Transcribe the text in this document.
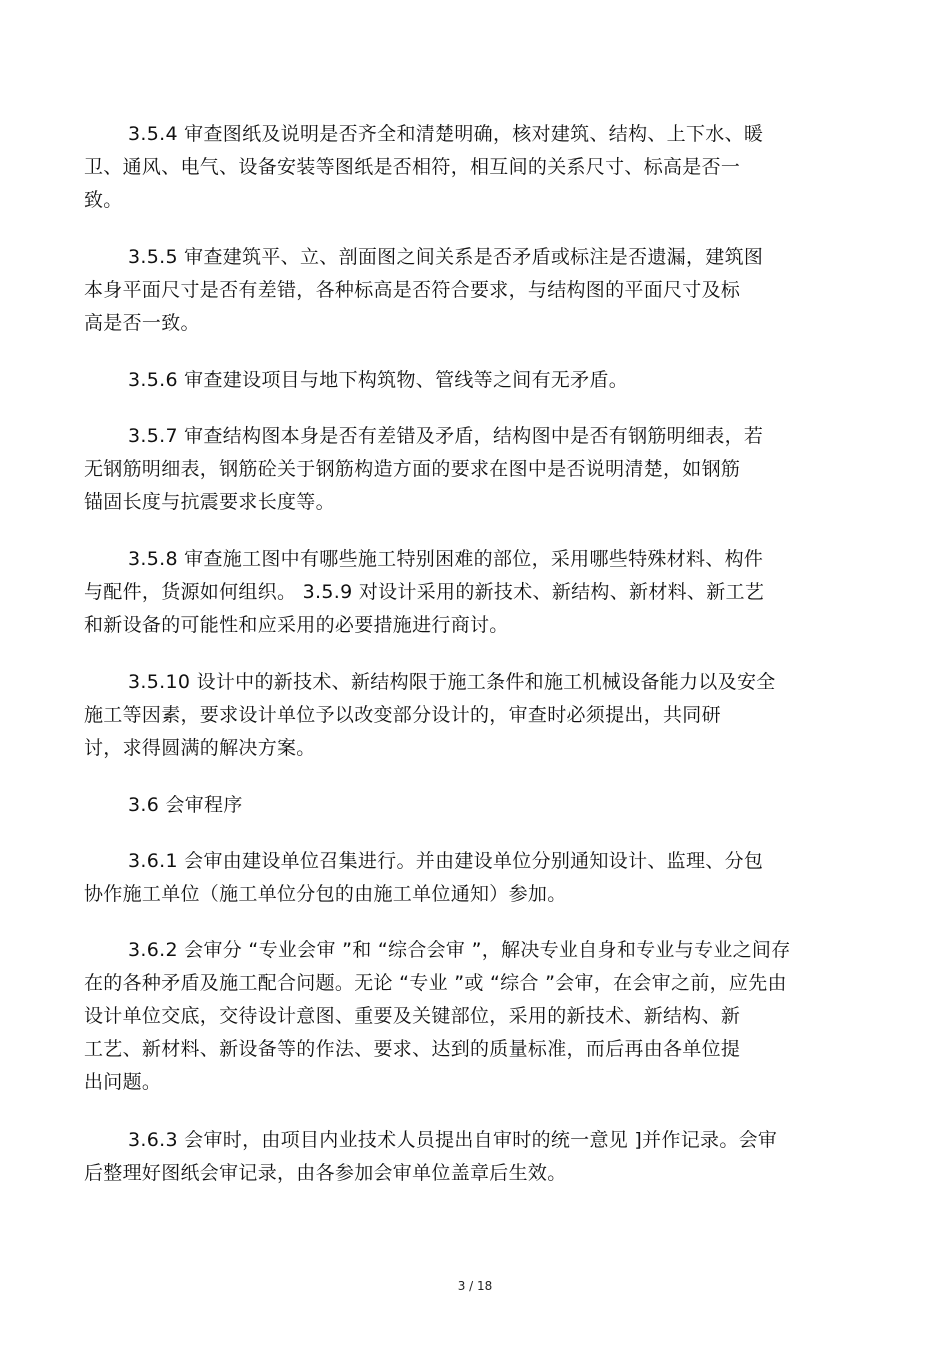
3.5.4 审查图纸及说明是否齐全和清楚明确，核对建筑、结构、上下水、暖
卫、通风、电气、设备安装等图纸是否相符，相互间的关系尺寸、标高是否一
致。
3.5.5 审查建筑平、立、剖面图之间关系是否矛盾或标注是否遗漏，建筑图
本身平面尺寸是否有差错，各种标高是否符合要求，与结构图的平面尺寸及标
高是否一致。
3.5.6 审查建设项目与地下构筑物、管线等之间有无矛盾。
3.5.7 审查结构图本身是否有差错及矛盾，结构图中是否有钢筋明细表，若
无钢筋明细表，钢筋砼关于钢筋构造方面的要求在图中是否说明清楚，如钢筋
锚固长度与抗震要求长度等。
3.5.8 审查施工图中有哪些施工特别困难的部位，采用哪些特殊材料、构件
与配件，货源如何组织。 3.5.9 对设计采用的新技术、新结构、新材料、新工艺
和新设备的可能性和应采用的必要措施进行商讨。
3.5.10 设计中的新技术、新结构限于施工条件和施工机械设备能力以及安全
施工等因素，要求设计单位予以改变部分设计的，审查时必须提出，共同研
讨，求得圆满的解决方案。
3.6 会审程序
3.6.1 会审由建设单位召集进行。并由建设单位分别通知设计、监理、分包
协作施工单位（施工单位分包的由施工单位通知）参加。
3.6.2 会审分 “专业会审 ”和 “综合会审 ”，解决专业自身和专业与专业之间存
在的各种矛盾及施工配合问题。无论 “专业 ”或 “综合 ”会审，在会审之前，应先由
设计单位交底，交待设计意图、重要及关键部位，采用的新技术、新结构、新
工艺、新材料、新设备等的作法、要求、达到的质量标准，而后再由各单位提
出问题。
3.6.3 会审时，由项目内业技术人员提出自审时的统一意见 ]并作记录。会审
后整理好图纸会审记录，由各参加会审单位盖章后生效。
3 / 18
